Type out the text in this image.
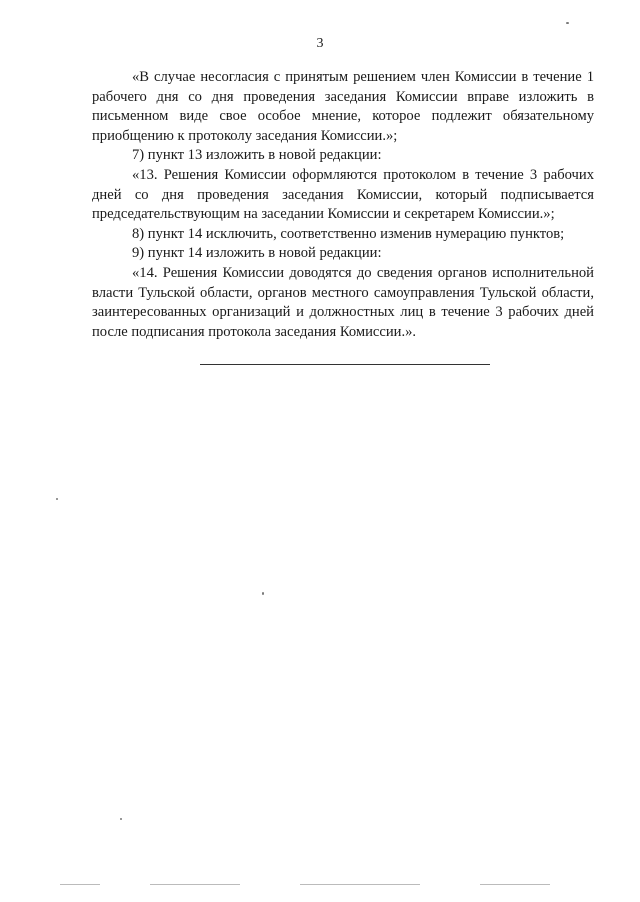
3

«В случае несогласия с принятым решением член Комиссии в течение 1 рабочего дня со дня проведения заседания Комиссии вправе изложить в письменном виде свое особое мнение, которое подлежит обязательному приобщению к протоколу заседания Комиссии.»;

7) пункт 13 изложить в новой редакции:

«13. Решения Комиссии оформляются протоколом в течение 3 рабочих дней со дня проведения заседания Комиссии, который подписывается председательствующим на заседании Комиссии и секретарем Комиссии.»;

8) пункт 14 исключить, соответственно изменив нумерацию пунктов;

9) пункт 14 изложить в новой редакции:

«14. Решения Комиссии доводятся до сведения органов исполнительной власти Тульской области, органов местного самоуправления Тульской области, заинтересованных организаций и должностных лиц в течение 3 рабочих дней после подписания протокола заседания Комиссии.».
